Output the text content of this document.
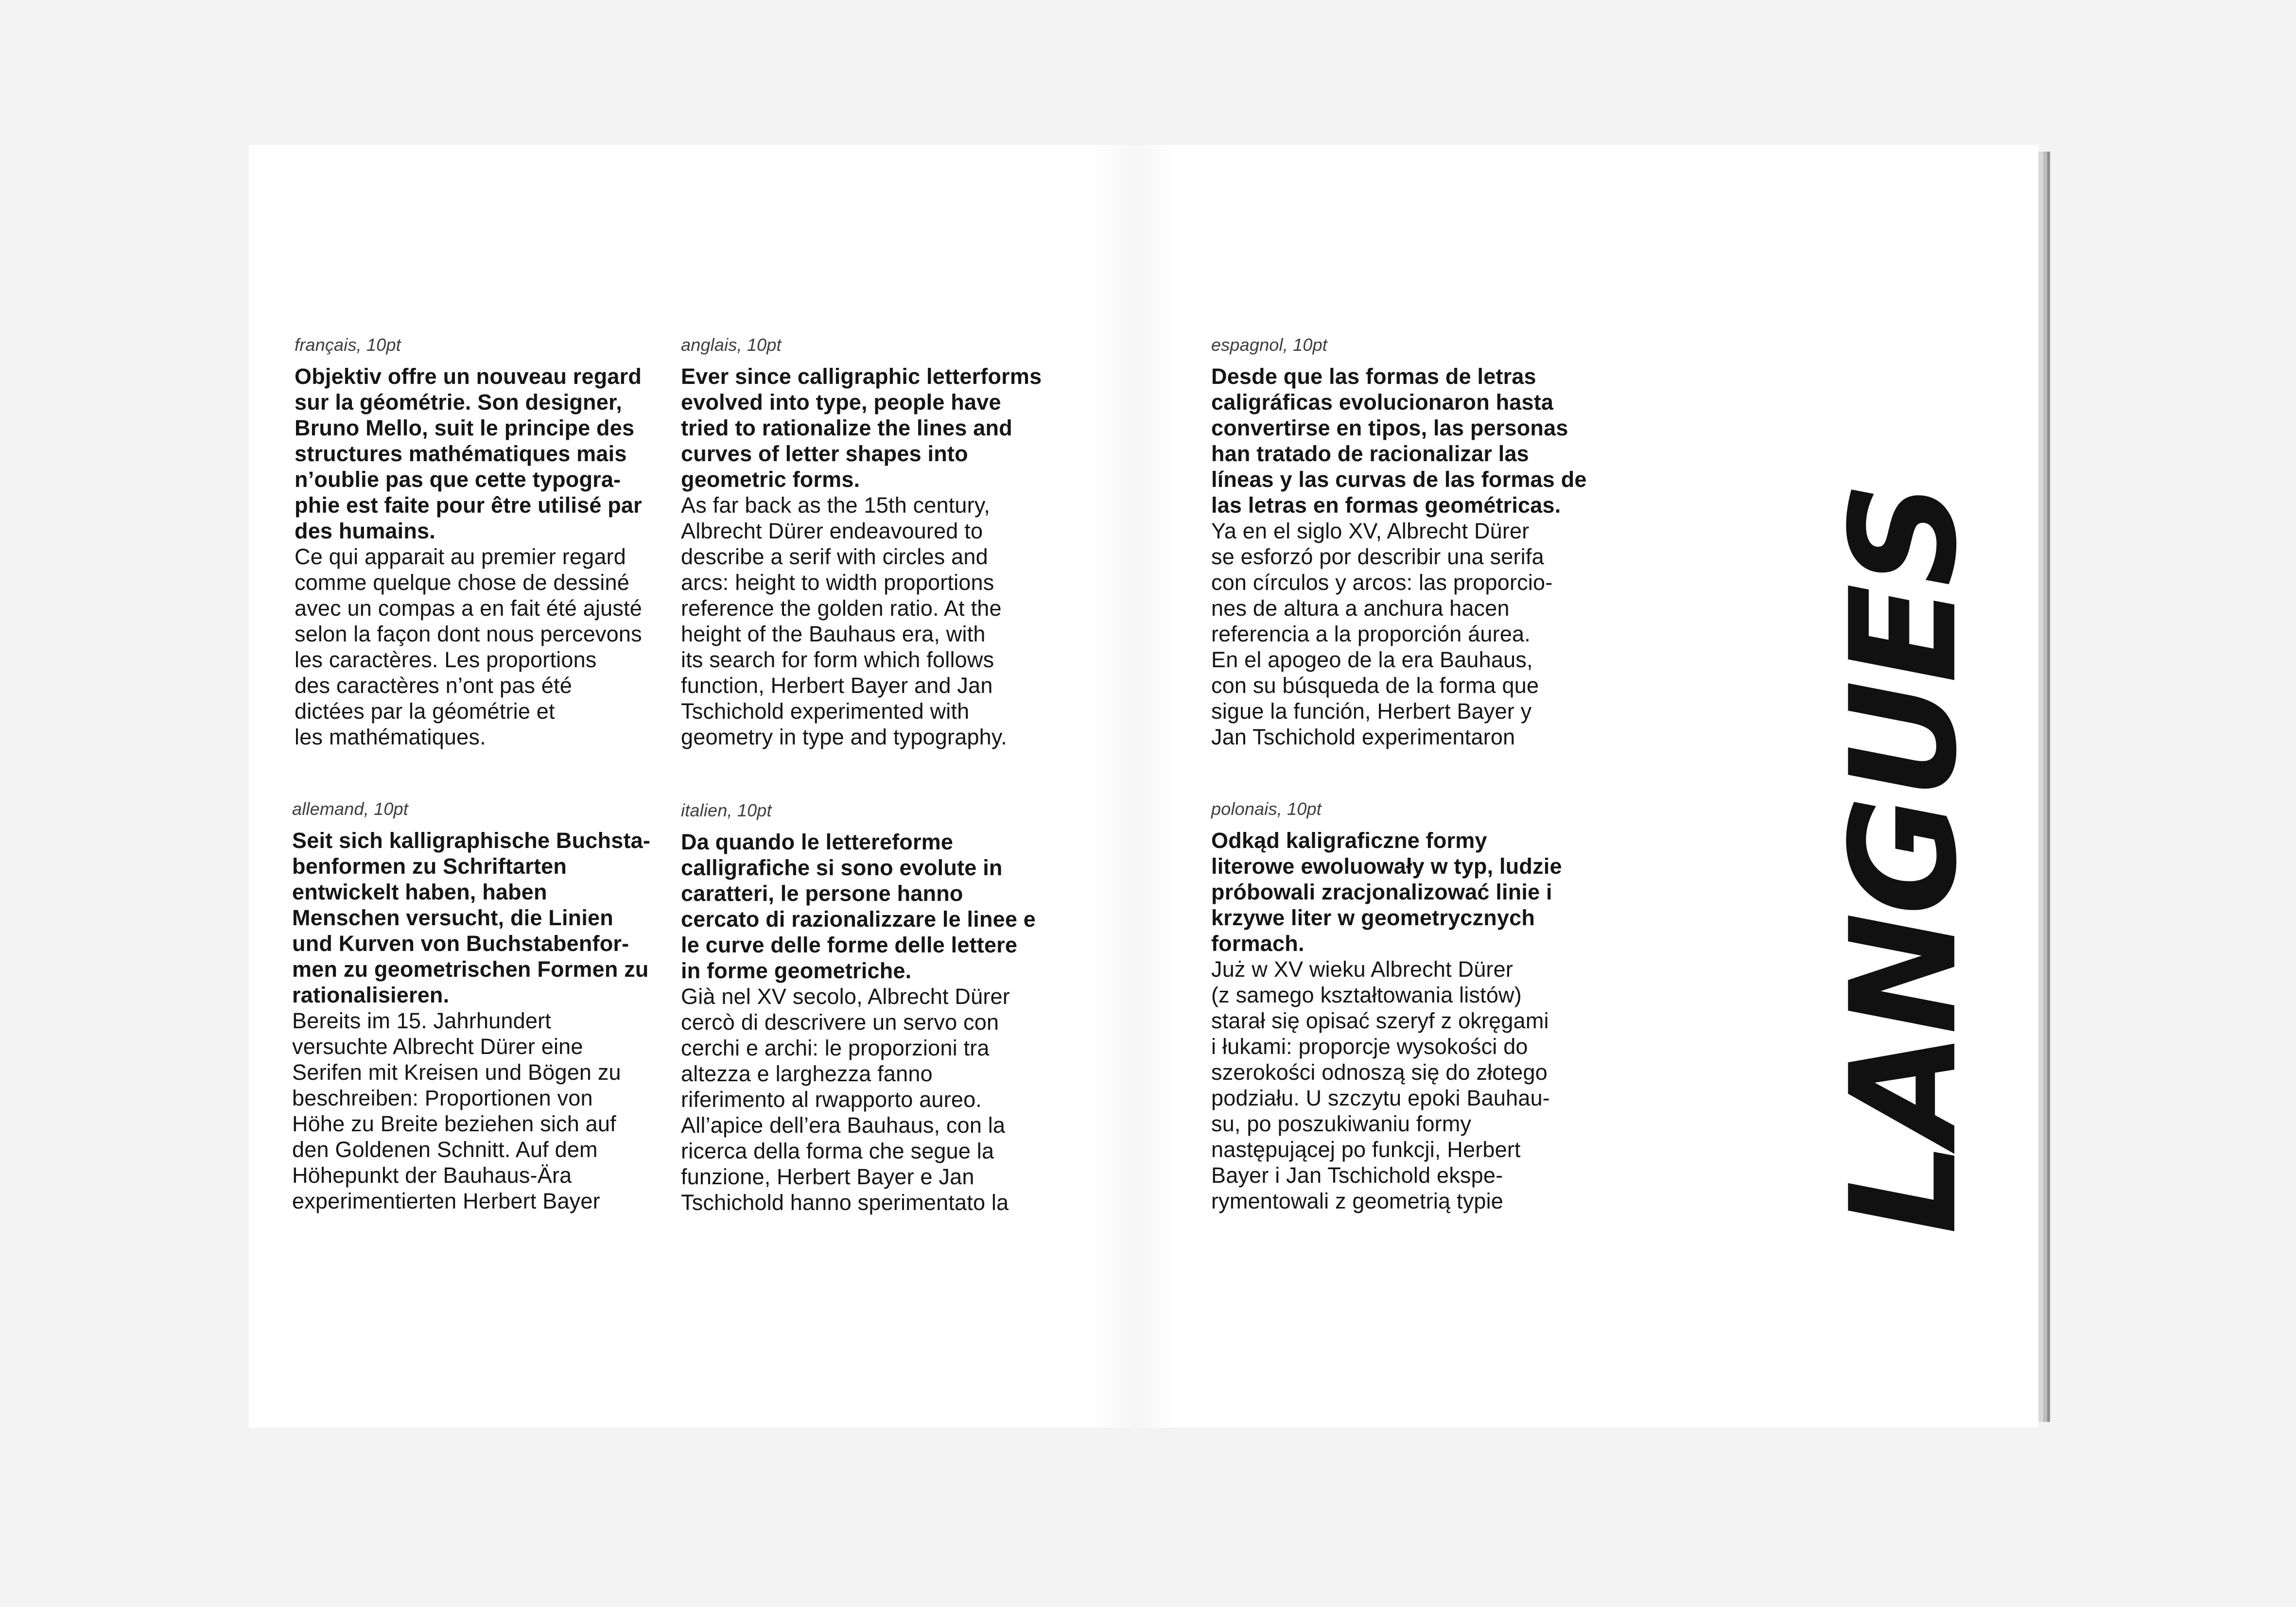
français, 10pt
Objektiv offre un nouveau regard
sur la géométrie. Son designer,
Bruno Mello, suit le principe des
structures mathématiques mais
n’oublie pas que cette typogra-
phie est faite pour être utilisé par
des humains.
Ce qui apparait au premier regard
comme quelque chose de dessiné
avec un compas a en fait été ajusté
selon la façon dont nous percevons
les caractères. Les proportions
des caractères n’ont pas été
dictées par la géométrie et
les mathématiques.
anglais, 10pt
Ever since calligraphic letterforms
evolved into type, people have
tried to rationalize the lines and
curves of letter shapes into
geometric forms.
As far back as the 15th century,
Albrecht Dürer endeavoured to
describe a serif with circles and
arcs: height to width proportions
reference the golden ratio. At the
height of the Bauhaus era, with
its search for form which follows
function, Herbert Bayer and Jan
Tschichold experimented with
geometry in type and typography.
espagnol, 10pt
Desde que las formas de letras
caligráficas evolucionaron hasta
convertirse en tipos, las personas
han tratado de racionalizar las
líneas y las curvas de las formas de
las letras en formas geométricas.
Ya en el siglo XV, Albrecht Dürer
se esforzó por describir una serifa
con círculos y arcos: las proporcio-
nes de altura a anchura hacen
referencia a la proporción áurea.
En el apogeo de la era Bauhaus,
con su búsqueda de la forma que
sigue la función, Herbert Bayer y
Jan Tschichold experimentaron
allemand, 10pt
Seit sich kalligraphische Buchsta-
benformen zu Schriftarten
entwickelt haben, haben
Menschen versucht, die Linien
und Kurven von Buchstabenfor-
men zu geometrischen Formen zu
rationalisieren.
Bereits im 15. Jahrhundert
versuchte Albrecht Dürer eine
Serifen mit Kreisen und Bögen zu
beschreiben: Proportionen von
Höhe zu Breite beziehen sich auf
den Goldenen Schnitt. Auf dem
Höhepunkt der Bauhaus-Ära
experimentierten Herbert Bayer
italien, 10pt
Da quando le lettereforme
calligrafiche si sono evolute in
caratteri, le persone hanno
cercato di razionalizzare le linee e
le curve delle forme delle lettere
in forme geometriche.
Già nel XV secolo, Albrecht Dürer
cercò di descrivere un servo con
cerchi e archi: le proporzioni tra
altezza e larghezza fanno
riferimento al rwapporto aureo.
All’apice dell’era Bauhaus, con la
ricerca della forma che segue la
funzione, Herbert Bayer e Jan
Tschichold hanno sperimentato la
polonais, 10pt
Odkąd kaligraficzne formy
literowe ewoluowały w typ, ludzie
próbowali zracjonalizować linie i
krzywe liter w geometrycznych
formach.
Już w XV wieku Albrecht Dürer
(z samego kształtowania listów)
starał się opisać szeryf z okręgami
i łukami: proporcje wysokości do
szerokości odnoszą się do złotego
podziału. U szczytu epoki Bauhau-
su, po poszukiwaniu formy
następującej po funkcji, Herbert
Bayer i Jan Tschichold ekspe-
rymentowali z geometrią typie	LANGUES
